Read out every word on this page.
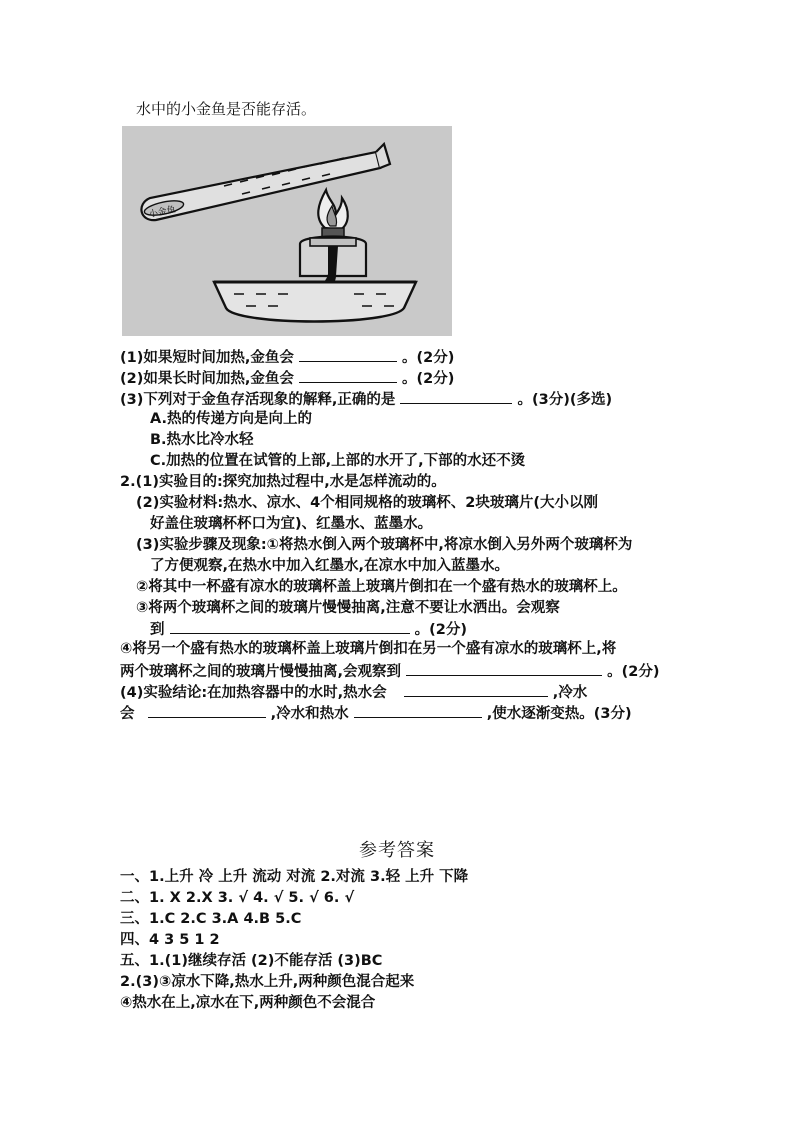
水中的小金鱼是否能存活。
小金鱼
(1)如果短时间加热,金鱼会	。(2分)
(2)如果长时间加热,金鱼会	。(2分)
(3)下列对于金鱼存活现象的解释,正确的是	。(3分)(多选)
A.热的传递方向是向上的
B.热水比冷水轻
C.加热的位置在试管的上部,上部的水开了,下部的水还不烫
2.(1)实验目的:探究加热过程中,水是怎样流动的。
(2)实验材料:热水、凉水、4个相同规格的玻璃杯、2块玻璃片(大小以刚
好盖住玻璃杯杯口为宜)、红墨水、蓝墨水。
(3)实验步骤及现象:①将热水倒入两个玻璃杯中,将凉水倒入另外两个玻璃杯为
了方便观察,在热水中加入红墨水,在凉水中加入蓝墨水。
②将其中一杯盛有凉水的玻璃杯盖上玻璃片倒扣在一个盛有热水的玻璃杯上。
③将两个玻璃杯之间的玻璃片慢慢抽离,注意不要让水洒出。会观察
到	。(2分)
④将另一个盛有热水的玻璃杯盖上玻璃片倒扣在另一个盛有凉水的玻璃杯上,将
两个玻璃杯之间的玻璃片慢慢抽离,会观察到	。(2分)
(4)实验结论:在加热容器中的水时,热水会	,冷水
会	,冷水和热水	,使水逐渐变热。(3分)
参考答案
一、1.上升 冷 上升 流动 对流 2.对流 3.轻 上升 下降
二、1. X 2.X 3. √ 4. √ 5. √ 6. √
三、1.C 2.C 3.A 4.B 5.C
四、4 3 5 1 2
五、1.(1)继续存活 (2)不能存活 (3)BC
2.(3)③凉水下降,热水上升,两种颜色混合起来
④热水在上,凉水在下,两种颜色不会混合
